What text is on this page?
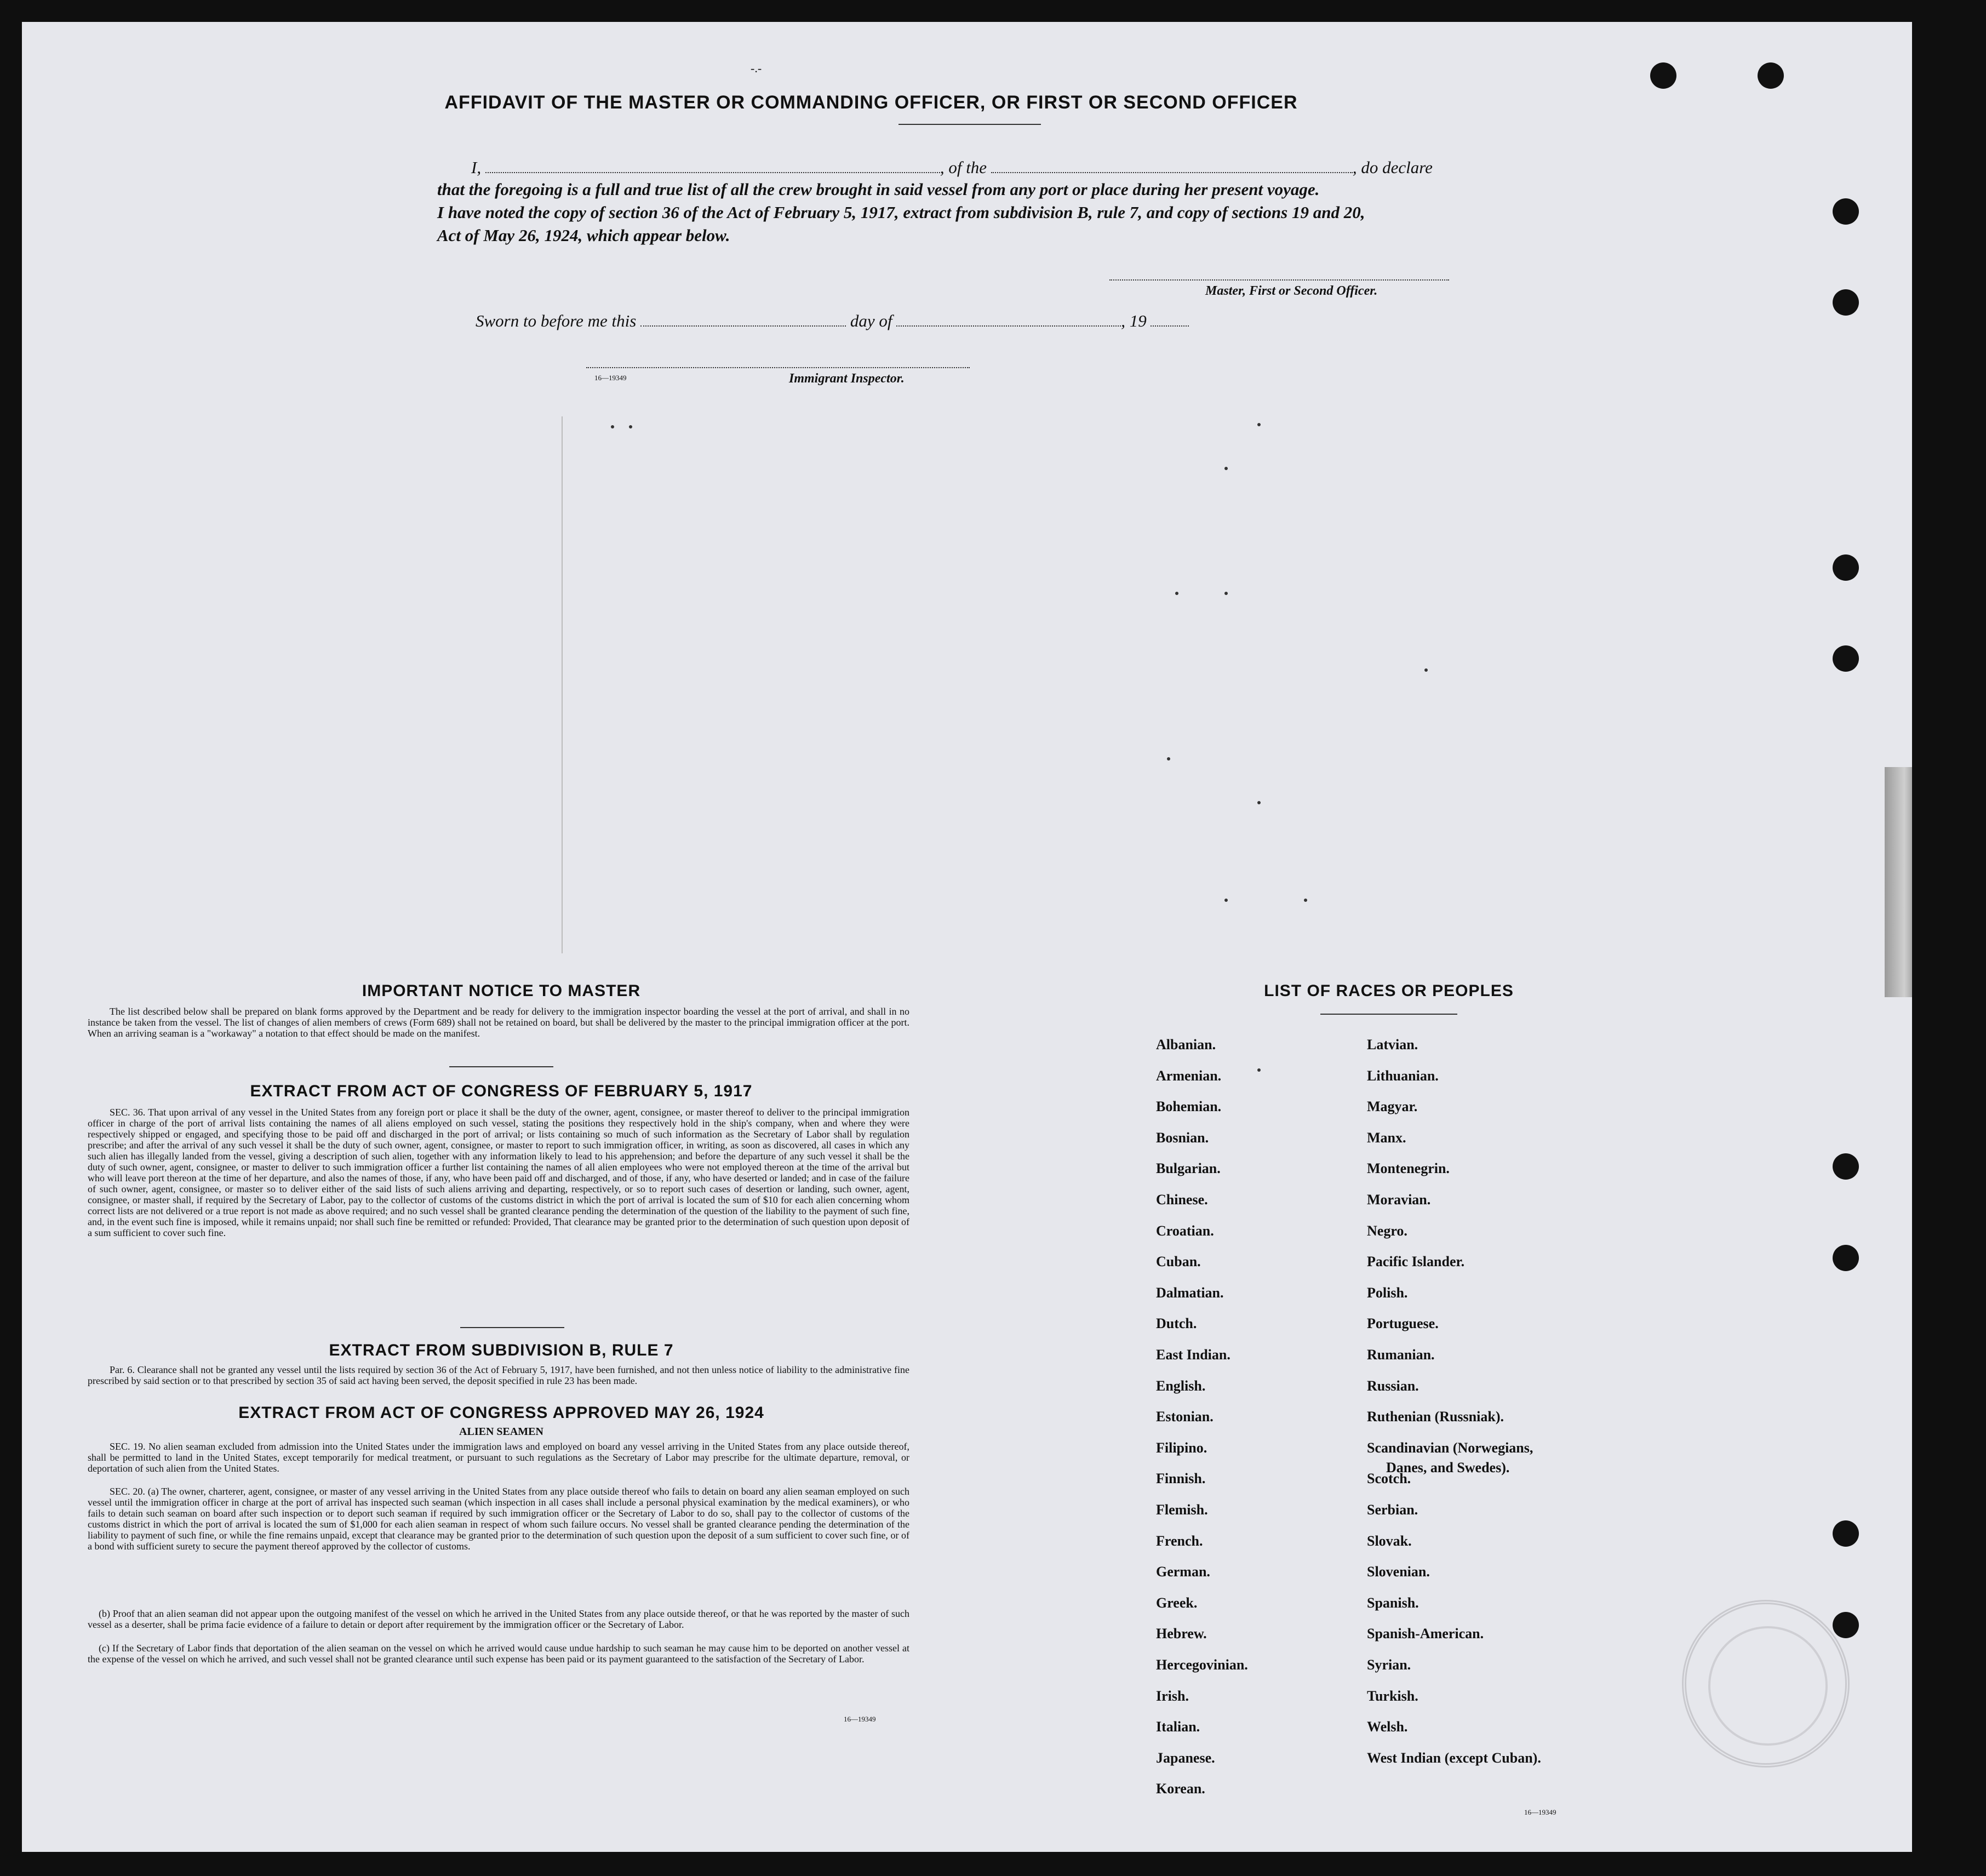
-.-
AFFIDAVIT OF THE MASTER OR COMMANDING OFFICER, OR FIRST OR SECOND OFFICER
I,	, of the	, do declare
that the foregoing is a full and true list of all the crew brought in said vessel from any port or place during her present voyage.
I have noted the copy of section 36 of the Act of February 5, 1917, extract from subdivision B, rule 7, and copy of sections 19 and 20,
Act of May 26, 1924, which appear below.
Master, First or Second Officer.
Sworn to before me this	day of	, 19
16—19349	Immigrant Inspector.
IMPORTANT NOTICE TO MASTER
The list described below shall be prepared on blank forms approved by the Department and be ready for delivery to the immigration inspector boarding the vessel at the port of arrival, and shall in no instance be taken from the vessel. The list of changes of alien members of crews (Form 689) shall not be retained on board, but shall be delivered by the master to the principal immigration officer at the port. When an arriving seaman is a "workaway" a notation to that effect should be made on the manifest.
EXTRACT FROM ACT OF CONGRESS OF FEBRUARY 5, 1917
SEC. 36. That upon arrival of any vessel in the United States from any foreign port or place it shall be the duty of the owner, agent, consignee, or master thereof to deliver to the principal immigration officer in charge of the port of arrival lists containing the names of all aliens employed on such vessel, stating the positions they respectively hold in the ship's company, when and where they were respectively shipped or engaged, and specifying those to be paid off and discharged in the port of arrival; or lists containing so much of such information as the Secretary of Labor shall by regulation prescribe; and after the arrival of any such vessel it shall be the duty of such owner, agent, consignee, or master to report to such immigration officer, in writing, as soon as discovered, all cases in which any such alien has illegally landed from the vessel, giving a description of such alien, together with any information likely to lead to his apprehension; and before the departure of any such vessel it shall be the duty of such owner, agent, consignee, or master to deliver to such immigration officer a further list containing the names of all alien employees who were not employed thereon at the time of the arrival but who will leave port thereon at the time of her departure, and also the names of those, if any, who have been paid off and discharged, and of those, if any, who have deserted or landed; and in case of the failure of such owner, agent, consignee, or master so to deliver either of the said lists of such aliens arriving and departing, respectively, or so to report such cases of desertion or landing, such owner, agent, consignee, or master shall, if required by the Secretary of Labor, pay to the collector of customs of the customs district in which the port of arrival is located the sum of $10 for each alien concerning whom correct lists are not delivered or a true report is not made as above required; and no such vessel shall be granted clearance pending the determination of the question of the liability to the payment of such fine, and, in the event such fine is imposed, while it remains unpaid; nor shall such fine be remitted or refunded: Provided, That clearance may be granted prior to the determination of such question upon deposit of a sum sufficient to cover such fine.
EXTRACT FROM SUBDIVISION B, RULE 7
Par. 6. Clearance shall not be granted any vessel until the lists required by section 36 of the Act of February 5, 1917, have been furnished, and not then unless notice of liability to the administrative fine prescribed by said section or to that prescribed by section 35 of said act having been served, the deposit specified in rule 23 has been made.
EXTRACT FROM ACT OF CONGRESS APPROVED MAY 26, 1924
ALIEN SEAMEN
SEC. 19. No alien seaman excluded from admission into the United States under the immigration laws and employed on board any vessel arriving in the United States from any place outside thereof, shall be permitted to land in the United States, except temporarily for medical treatment, or pursuant to such regulations as the Secretary of Labor may prescribe for the ultimate departure, removal, or deportation of such alien from the United States.
SEC. 20. (a) The owner, charterer, agent, consignee, or master of any vessel arriving in the United States from any place outside thereof who fails to detain on board any alien seaman employed on such vessel until the immigration officer in charge at the port of arrival has inspected such seaman (which inspection in all cases shall include a personal physical examination by the medical examiners), or who fails to detain such seaman on board after such inspection or to deport such seaman if required by such immigration officer or the Secretary of Labor to do so, shall pay to the collector of customs of the customs district in which the port of arrival is located the sum of $1,000 for each alien seaman in respect of whom such failure occurs. No vessel shall be granted clearance pending the determination of the liability to payment of such fine, or while the fine remains unpaid, except that clearance may be granted prior to the determination of such question upon the deposit of a sum sufficient to cover such fine, or of a bond with sufficient surety to secure the payment thereof approved by the collector of customs.
(b) Proof that an alien seaman did not appear upon the outgoing manifest of the vessel on which he arrived in the United States from any place outside thereof, or that he was reported by the master of such vessel as a deserter, shall be prima facie evidence of a failure to detain or deport after requirement by the immigration officer or the Secretary of Labor.
(c) If the Secretary of Labor finds that deportation of the alien seaman on the vessel on which he arrived would cause undue hardship to such seaman he may cause him to be deported on another vessel at the expense of the vessel on which he arrived, and such vessel shall not be granted clearance until such expense has been paid or its payment guaranteed to the satisfaction of the Secretary of Labor.
16—19349
LIST OF RACES OR PEOPLES
Albanian.
Armenian.
Bohemian.
Bosnian.
Bulgarian.
Chinese.
Croatian.
Cuban.
Dalmatian.
Dutch.
East Indian.
English.
Estonian.
Filipino.
Finnish.
Flemish.
French.
German.
Greek.
Hebrew.
Hercegovinian.
Irish.
Italian.
Japanese.
Korean.
Latvian.
Lithuanian.
Magyar.
Manx.
Montenegrin.
Moravian.
Negro.
Pacific Islander.
Polish.
Portuguese.
Rumanian.
Russian.
Ruthenian (Russniak).
Scandinavian (Norwegians,
Danes, and Swedes).
Scotch.
Serbian.
Slovak.
Slovenian.
Spanish.
Spanish-American.
Syrian.
Turkish.
Welsh.
West Indian (except Cuban).
16—19349
